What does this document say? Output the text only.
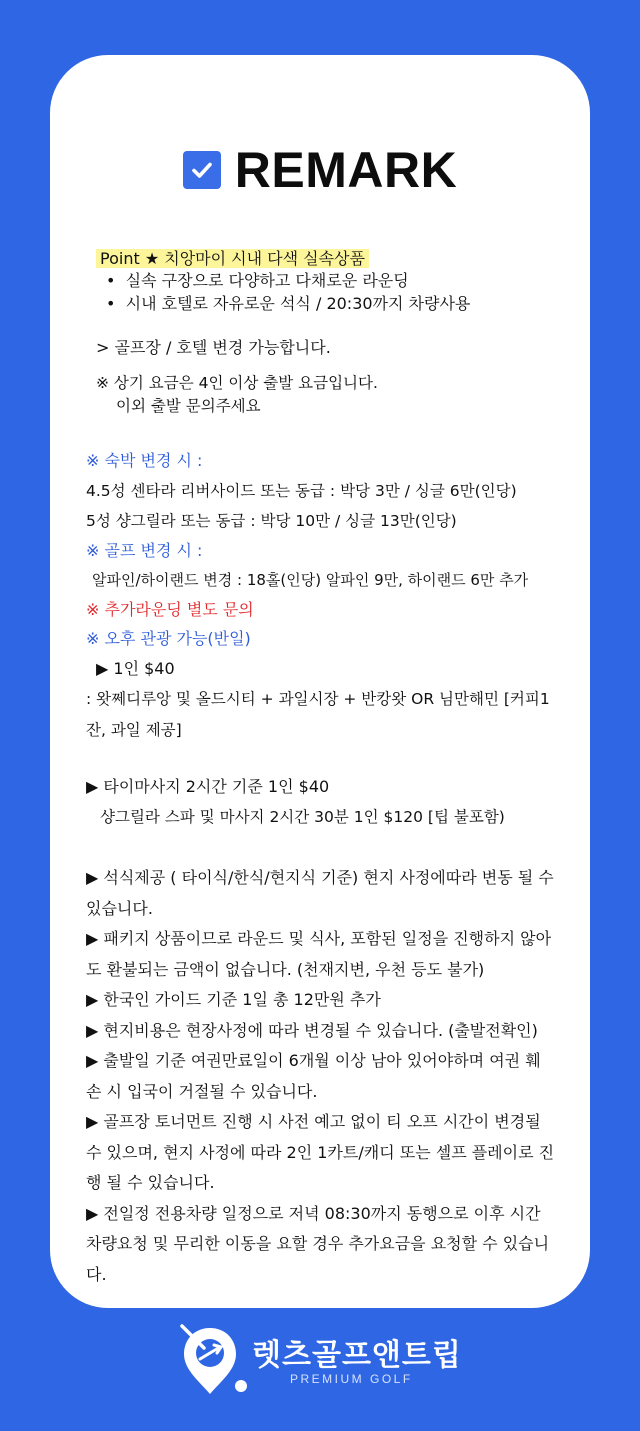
REMARK
Point ★ 치앙마이 시내 다색 실속상품
•  실속 구장으로 다양하고 다채로운 라운딩
•  시내 호텔로 자유로운 석식 / 20:30까지 차량사용
> 골프장 / 호텔 변경 가능합니다.
※ 상기 요금은 4인 이상 출발 요금입니다.
이외 출발 문의주세요
※ 숙박 변경 시 :
4.5성 센타라 리버사이드 또는 동급 : 박당 3만 / 싱글 6만(인당)
5성 샹그릴라 또는 동급 : 박당 10만 / 싱글 13만(인당)
※ 골프 변경 시 :
알파인/하이랜드 변경 : 18홀(인당) 알파인 9만, 하이랜드 6만 추가
※ 추가라운딩 별도 문의
※ 오후 관광 가능(반일)
▶ 1인 $40
: 왓쩨디루앙 및 올드시티 + 과일시장 + 반캉왓 OR 님만해민 [커피1잔, 과일 제공]
▶ 타이마사지 2시간 기준 1인 $40
샹그릴라 스파 및 마사지 2시간 30분 1인 $120 [팁 불포함)
▶ 석식제공 ( 타이식/한식/현지식 기준) 현지 사정에따라 변동 될 수 있습니다.
▶ 패키지 상품이므로 라운드 및 식사, 포함된 일정을 진행하지 않아도 환불되는 금액이 없습니다. (천재지변, 우천 등도 불가)
▶ 한국인 가이드 기준 1일 총 12만원 추가
▶ 현지비용은 현장사정에 따라 변경될 수 있습니다. (출발전확인)
▶ 출발일 기준 여권만료일이 6개월 이상 남아 있어야하며 여권 훼손 시 입국이 거절될 수 있습니다.
▶ 골프장 토너먼트 진행 시 사전 예고 없이 티 오프 시간이 변경될 수 있으며, 현지 사정에 따라 2인 1카트/캐디 또는 셀프 플레이로 진행 될 수 있습니다.
▶ 전일정 전용차량 일정으로 저녁 08:30까지 동행으로 이후 시간 차량요청 및 무리한 이동을 요할 경우 추가요금을 요청할 수 있습니다.
렛츠골프앤트립
PREMIUM GOLF
